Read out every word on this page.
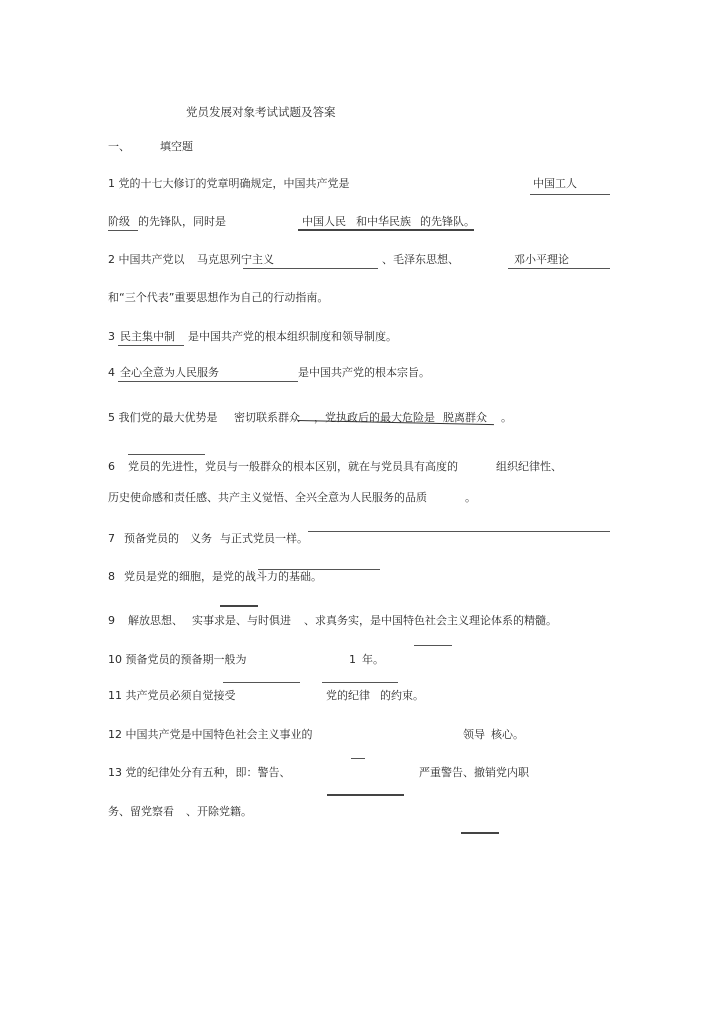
党员发展对象考试试题及答案
一、	填空题
1 党的十七大修订的党章明确规定，中国共产党是	中国工人
阶级 的先锋队，同时是	中国人民 和中华民族 的先锋队。
2 中国共产党以 马克思列宁主义	、毛泽东思想、	邓小平理论
和“三个代表”重要思想作为自己的行动指南。
3 民主集中制 是中国共产党的根本组织制度和领导制度。
4 全心全意为人民服务	是中国共产党的根本宗旨。
5 我们党的最大优势是 密切联系群众 ，党执政后的最大危险是 脱离群众 。
6 党员的先进性，党员与一般群众的根本区别，就在与党员具有高度的	组织纪律性、
历史使命感和责任感、共产主义觉悟、全兴全意为人民服务的品质	。
7 预备党员的 义务 与正式党员一样。
8 党员是党的细胞，是党的战斗力的基础。
9 解放思想、 实事求是、与时俱进 、求真务实，是中国特色社会主义理论体系的精髓。
10 预备党员的预备期一般为	1 年。
11 共产党员必须自觉接受	党的纪律 的约束。
12 中国共产党是中国特色社会主义事业的	领导 核心。
13 党的纪律处分有五种，即：警告、	严重警告、撤销党内职
务、留党察看 、开除党籍。
